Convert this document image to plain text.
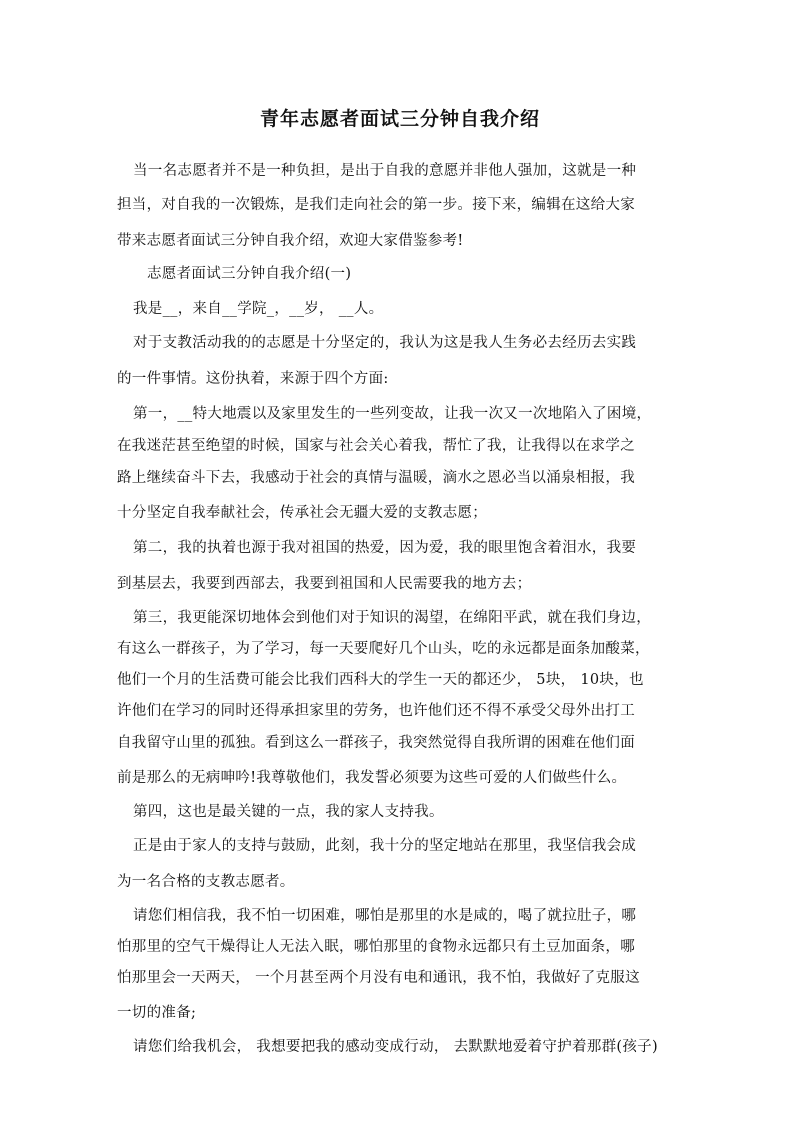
青年志愿者面试三分钟自我介绍
当一名志愿者并不是一种负担，是出于自我的意愿并非他人强加，这就是一种
担当，对自我的一次锻炼，是我们走向社会的第一步。接下来，编辑在这给大家
带来志愿者面试三分钟自我介绍，欢迎大家借鉴参考!
志愿者面试三分钟自我介绍(一)
我是__，来自__学院_，__岁， __人。
对于支教活动我的的志愿是十分坚定的，我认为这是我人生务必去经历去实践
的一件事情。这份执着，来源于四个方面:
第一，__特大地震以及家里发生的一些列变故，让我一次又一次地陷入了困境，
在我迷茫甚至绝望的时候，国家与社会关心着我，帮忙了我，让我得以在求学之
路上继续奋斗下去，我感动于社会的真情与温暖，滴水之恩必当以涌泉相报，我
十分坚定自我奉献社会，传承社会无疆大爱的支教志愿；
第二，我的执着也源于我对祖国的热爱，因为爱，我的眼里饱含着泪水，我要
到基层去，我要到西部去，我要到祖国和人民需要我的地方去；
第三，我更能深切地体会到他们对于知识的渴望，在绵阳平武，就在我们身边，
有这么一群孩子，为了学习，每一天要爬好几个山头，吃的永远都是面条加酸菜，
他们一个月的生活费可能会比我们西科大的学生一天的都还少， 5块， 10块，也
许他们在学习的同时还得承担家里的劳务，也许他们还不得不承受父母外出打工
自我留守山里的孤独。看到这么一群孩子，我突然觉得自我所谓的困难在他们面
前是那么的无病呻吟!我尊敬他们，我发誓必须要为这些可爱的人们做些什么。
第四，这也是最关键的一点，我的家人支持我。
正是由于家人的支持与鼓励，此刻，我十分的坚定地站在那里，我坚信我会成
为一名合格的支教志愿者。
请您们相信我，我不怕一切困难，哪怕是那里的水是咸的，喝了就拉肚子，哪
怕那里的空气干燥得让人无法入眠，哪怕那里的食物永远都只有土豆加面条，哪
怕那里会一天两天， 一个月甚至两个月没有电和通讯，我不怕，我做好了克服这
一切的准备;
请您们给我机会， 我想要把我的感动变成行动， 去默默地爱着守护着那群(孩子)
